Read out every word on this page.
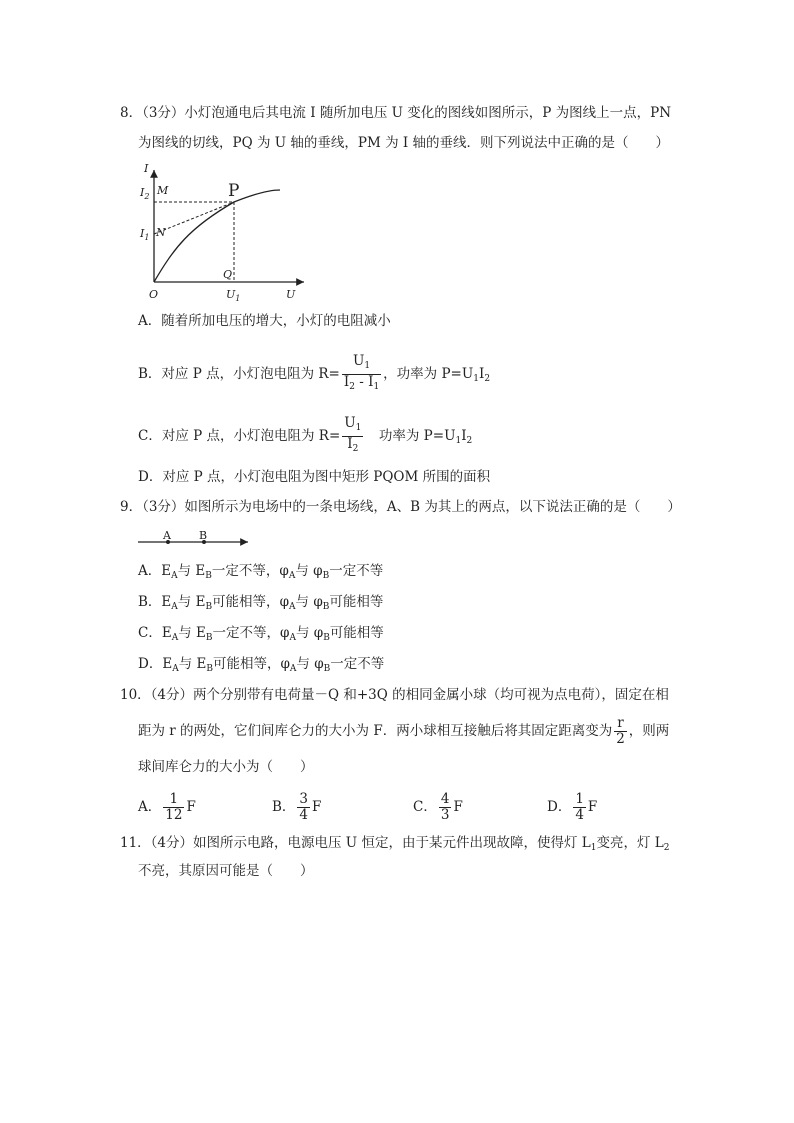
8．（3分）小灯泡通电后其电流 I 随所加电压 U 变化的图线如图所示，P 为图线上一点，PN
为图线的切线，PQ 为 U 轴的垂线，PM 为 I 轴的垂线．则下列说法中正确的是（　　）
I
$I_2$ M
$I_1$ N
P
Q
O	$U_1$	U
A．随着所加电压的增大，小灯的电阻减小
B．对应 P 点，小灯泡电阻为 $R= \frac{U_1}{I_2 - I_1}$ ，功率为 $P=U_1I_2$
C．对应 P 点，小灯泡电阻为 $R= \frac{U_1}{I_2}$ 　功率为 $P=U_1I_2$
D．对应 P 点，小灯泡电阻为图中矩形 PQOM 所围的面积
9．（3分）如图所示为电场中的一条电场线，A、B 为其上的两点，以下说法正确的是（　　）
A	B
A．$E_A$与 $E_B$一定不等，$\varphi_A$与 $\varphi_B$一定不等
B．$E_A$与 $E_B$可能相等，$\varphi_A$与 $\varphi_B$可能相等
C．$E_A$与 $E_B$一定不等，$\varphi_A$与 $\varphi_B$可能相等
D．$E_A$与 $E_B$可能相等，$\varphi_A$与 $\varphi_B$一定不等
10．（4分）两个分别带有电荷量－Q 和+3Q 的相同金属小球（均可视为点电荷），固定在相
距为 r 的两处，它们间库仑力的大小为 F．两小球相互接触后将其固定距离变为 $\frac{r}{2}$ ，则两
球间库仑力的大小为（　　）
A． $\frac{1}{12}$ F	B． $\frac{3}{4}$ F	C． $\frac{4}{3}$ F	D． $\frac{1}{4}$ F
11．（4分）如图所示电路，电源电压 U 恒定，由于某元件出现故障，使得灯 $L_1$变亮，灯 $L_2$
不亮，其原因可能是（　　）
